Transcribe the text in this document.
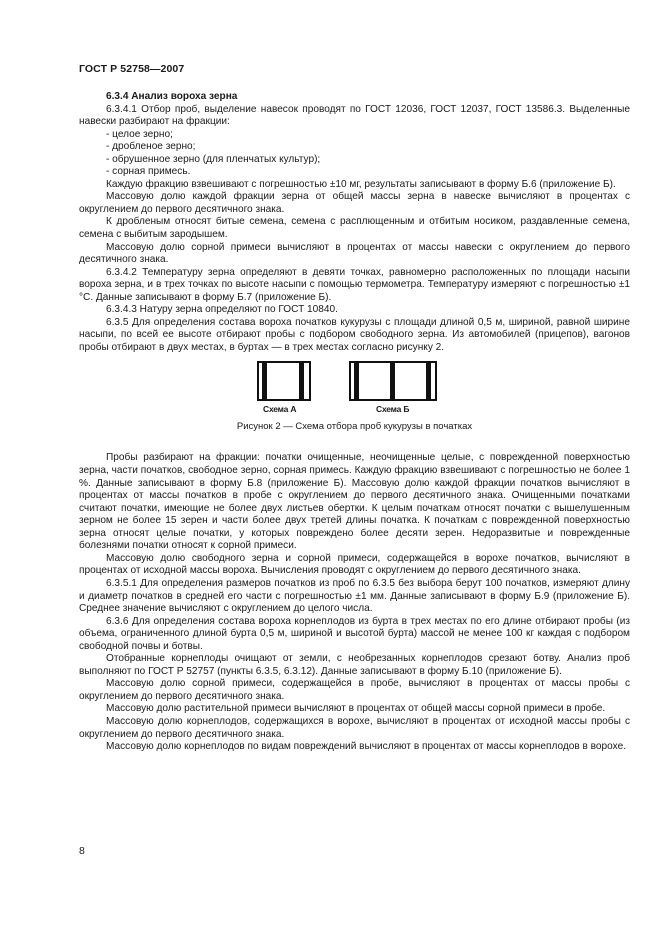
ГОСТ Р 52758—2007

6.3.4 Анализ вороха зерна

6.3.4.1 Отбор проб, выделение навесок проводят по ГОСТ 12036, ГОСТ 12037, ГОСТ 13586.3. Выделенные навески разбирают на фракции:

- целое зерно;

- дробленое зерно;

- обрушенное зерно (для пленчатых культур);

- сорная примесь.

Каждую фракцию взвешивают с погрешностью ±10 мг, результаты записывают в форму Б.6 (приложение Б).

Массовую долю каждой фракции зерна от общей массы зерна в навеске вычисляют в процентах с округлением до первого десятичного знака.

К дробленым относят битые семена, семена с расплющенным и отбитым носиком, раздавленные семена, семена с выбитым зародышем.

Массовую долю сорной примеси вычисляют в процентах от массы навески с округлением до первого десятичного знака.

6.3.4.2 Температуру зерна определяют в девяти точках, равномерно расположенных по площади насыпи вороха зерна, и в трех точках по высоте насыпи с помощью термометра. Температуру измеряют с погрешностью ±1 °С. Данные записывают в форму Б.7 (приложение Б).

6.3.4.3 Натуру зерна определяют по ГОСТ 10840.

6.3.5 Для определения состава вороха початков кукурузы с площади длиной 0,5 м, шириной, равной ширине насыпи, по всей ее высоте отбирают пробы с подбором свободного зерна. Из автомобилей (прицепов), вагонов пробы отбирают в двух местах, в буртах — в трех местах согласно рисунку 2.

Схема А	Схема Б
Рисунок 2 — Схема отбора проб кукурузы в початках

Пробы разбирают на фракции: початки очищенные, неочищенные целые, с поврежденной поверхностью зерна, части початков, свободное зерно, сорная примесь. Каждую фракцию взвешивают с погрешностью не более 1 %. Данные записывают в форму Б.8 (приложение Б). Массовую долю каждой фракции початков вычисляют в процентах от массы початков в пробе с округлением до первого десятичного знака. Очищенными початками считают початки, имеющие не более двух листьев обертки. К целым початкам относят початки с вышелушенным зерном не более 15 зерен и части более двух третей длины початка. К початкам с поврежденной поверхностью зерна относят целые початки, у которых повреждено более десяти зерен. Недоразвитые и поврежденные болезнями початки относят к сорной примеси.

Массовую долю свободного зерна и сорной примеси, содержащейся в ворохе початков, вычисляют в процентах от исходной массы вороха. Вычисления проводят с округлением до первого десятичного знака.

6.3.5.1 Для определения размеров початков из проб по 6.3.5 без выбора берут 100 початков, измеряют длину и диаметр початков в средней его части с погрешностью ±1 мм. Данные записывают в форму Б.9 (приложение Б). Среднее значение вычисляют с округлением до целого числа.

6.3.6 Для определения состава вороха корнеплодов из бурта в трех местах по его длине отбирают пробы (из объема, ограниченного длиной бурта 0,5 м, шириной и высотой бурта) массой не менее 100 кг каждая с подбором свободной почвы и ботвы.

Отобранные корнеплоды очищают от земли, с необрезанных корнеплодов срезают ботву. Анализ проб выполняют по ГОСТ Р 52757 (пункты 6.3.5, 6.3.12). Данные записывают в форму Б.10 (приложение Б).

Массовую долю сорной примеси, содержащейся в пробе, вычисляют в процентах от массы пробы с округлением до первого десятичного знака.

Массовую долю растительной примеси вычисляют в процентах от общей массы сорной примеси в пробе.

Массовую долю корнеплодов, содержащихся в ворохе, вычисляют в процентах от исходной массы пробы с округлением до первого десятичного знака.

Массовую долю корнеплодов по видам повреждений вычисляют в процентах от массы корнеплодов в ворохе.

8
